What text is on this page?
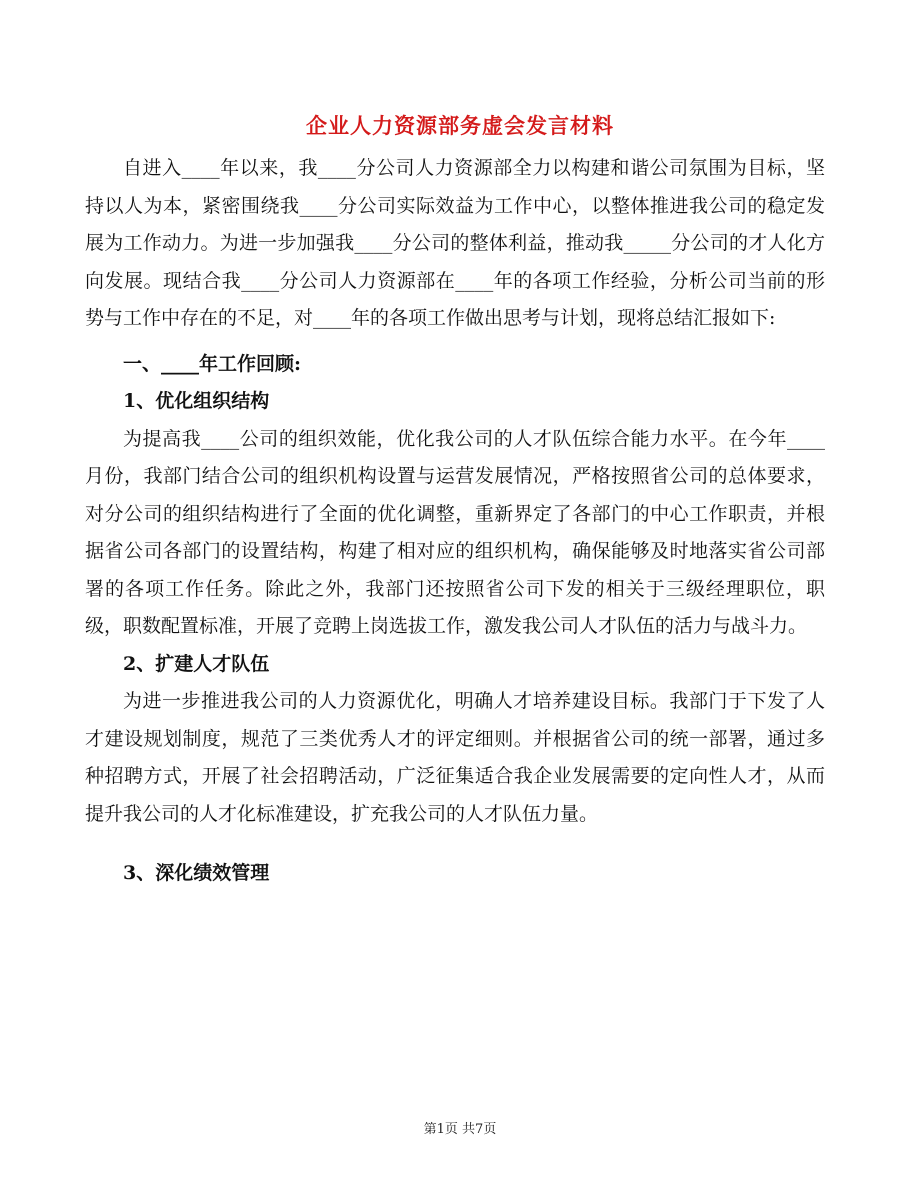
企业人力资源部务虚会发言材料

自进入____年以来，我____分公司人力资源部全力以构建和谐公司氛围为目标，坚持以人为本，紧密围绕我____分公司实际效益为工作中心，以整体推进我公司的稳定发展为工作动力。为进一步加强我____分公司的整体利益，推动我_____分公司的才人化方向发展。现结合我____分公司人力资源部在____年的各项工作经验，分析公司当前的形势与工作中存在的不足，对____年的各项工作做出思考与计划，现将总结汇报如下:

一、____年工作回顾:

1、优化组织结构

为提高我____公司的组织效能，优化我公司的人才队伍综合能力水平。在今年____月份，我部门结合公司的组织机构设置与运营发展情况，严格按照省公司的总体要求，对分公司的组织结构进行了全面的优化调整，重新界定了各部门的中心工作职责，并根据省公司各部门的设置结构，构建了相对应的组织机构，确保能够及时地落实省公司部署的各项工作任务。除此之外，我部门还按照省公司下发的相关于三级经理职位，职级，职数配置标准，开展了竞聘上岗选拔工作，激发我公司人才队伍的活力与战斗力。

2、扩建人才队伍

为进一步推进我公司的人力资源优化，明确人才培养建设目标。我部门于下发了人才建设规划制度，规范了三类优秀人才的评定细则。并根据省公司的统一部署，通过多种招聘方式，开展了社会招聘活动，广泛征集适合我企业发展需要的定向性人才，从而提升我公司的人才化标准建设，扩充我公司的人才队伍力量。

3、深化绩效管理

第1页 共7页
